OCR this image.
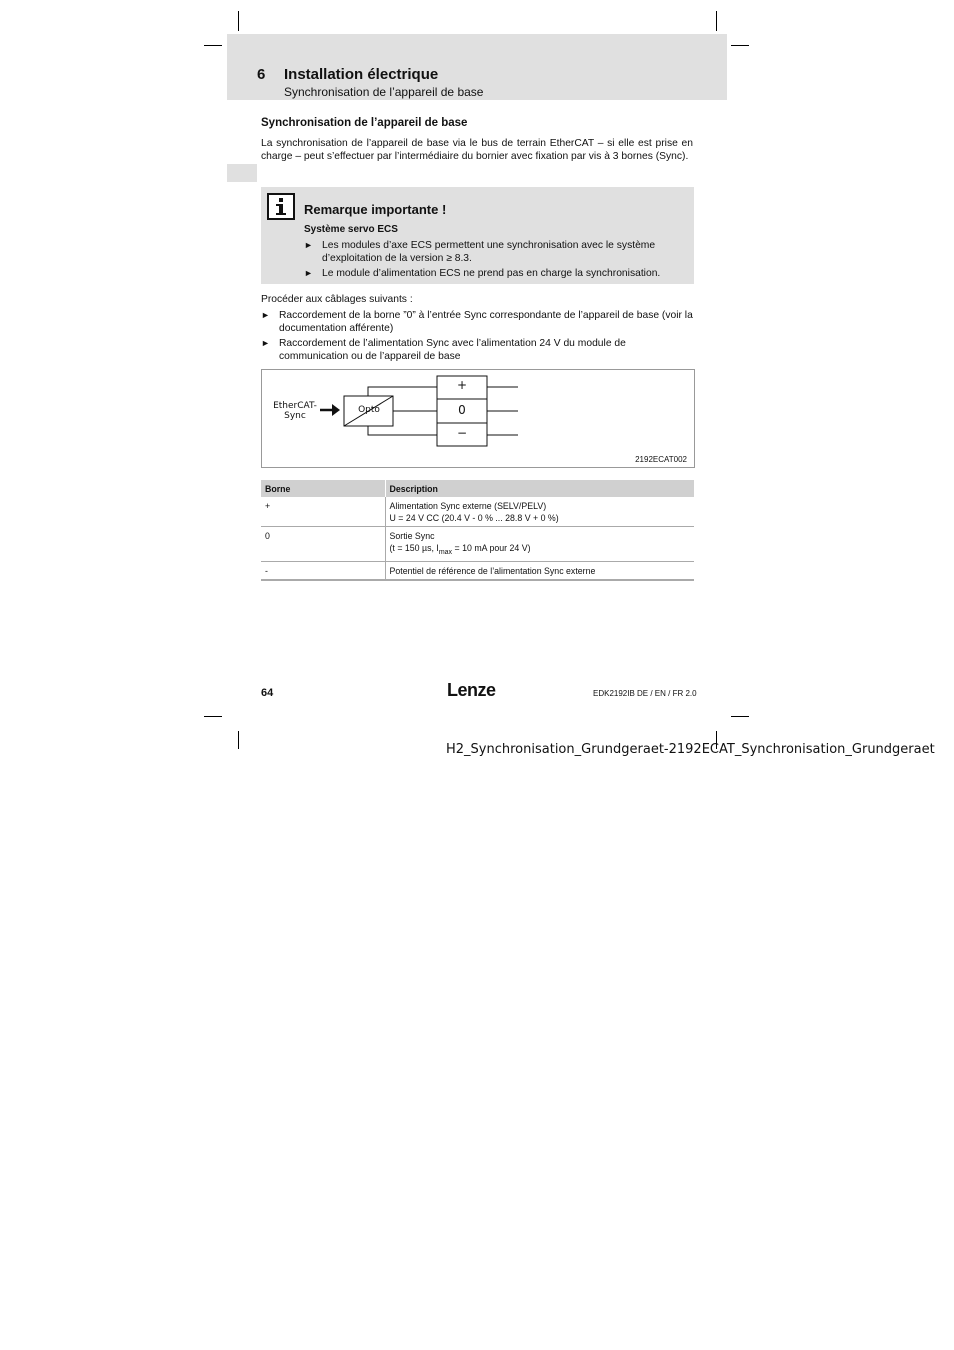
6 Installation électrique
Synchronisation de l’appareil de base
Synchronisation de l’appareil de base
La synchronisation de l’appareil de base via le bus de terrain EtherCAT – si elle est prise en charge – peut s’effectuer par l’intermédiaire du bornier avec fixation par vis à 3 bornes (Sync).
Remarque importante !
Système servo ECS
► Les modules d’axe ECS permettent une synchronisation avec le système d’exploitation de la version ≥ 8.3.
► Le module d’alimentation ECS ne prend pas en charge la synchronisation.
Procéder aux câblages suivants :
► Raccordement de la borne ”0” à l’entrée Sync correspondante de l’appareil de base (voir la documentation afférente)
► Raccordement de l’alimentation Sync avec l’alimentation 24 V du module de communication ou de l’appareil de base
EtherCAT-
Sync
Opto
+
0
−
2192ECAT002
Borne	Description
+	Alimentation Sync externe (SELV/PELV)
U = 24 V CC (20.4 V - 0 % ... 28.8 V + 0 %)

0	Sortie Sync
(t = 150 µs, $I_{max} = 10$ mA pour 24 V)

-	Potentiel de référence de l’alimentation Sync externe
64	Lenze	EDK2192IB DE / EN / FR 2.0
H2_Synchronisation_Grundgeraet-2192ECAT_Synchronisation_Grundgeraet
